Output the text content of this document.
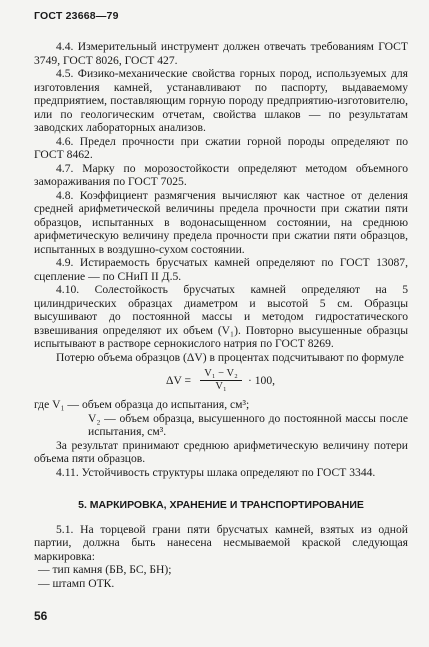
ГОСТ 23668—79

4.4. Измерительный инструмент должен отвечать требованиям ГОСТ 3749, ГОСТ 8026, ГОСТ 427.

4.5. Физико-механические свойства горных пород, используемых для изготовления камней, устанавливают по паспорту, выдаваемому предприятием, поставляющим горную породу предприятию-изготовителю, или по геологическим отчетам, свойства шлаков — по результатам заводских лабораторных анализов.

4.6. Предел прочности при сжатии горной породы определяют по ГОСТ 8462.

4.7. Марку по морозостойкости определяют методом объемного замораживания по ГОСТ 7025.

4.8. Коэффициент размягчения вычисляют как частное от деления средней арифметической величины предела прочности при сжатии пяти образцов, испытанных в водонасыщенном состоянии, на среднюю арифметическую величину предела прочности при сжатии пяти образцов, испытанных в воздушно-сухом состоянии.

4.9. Истираемость брусчатых камней определяют по ГОСТ 13087, сцепление — по СНиП II Д.5.

4.10. Солестойкость брусчатых камней определяют на 5 цилиндрических образцах диаметром и высотой 5 см. Образцы высушивают до постоянной массы и методом гидростатического взвешивания определяют их объем (V₁). Повторно высушенные образцы испытывают в растворе сернокислого натрия по ГОСТ 8269.

Потерю объема образцов (ΔV) в процентах подсчитывают по формуле

$\Delta V = \frac{\text{V₁ − V₂}}{\text{V₁}} \cdot 100$,
где V₁ — объем образца до испытания, см³;
V₂ — объем образца, высушенного до постоянной массы после испытания, см³.

За результат принимают среднюю арифметическую величину потери объема пяти образцов.

4.11. Устойчивость структуры шлака определяют по ГОСТ 3344.

5. МАРКИРОВКА, ХРАНЕНИЕ И ТРАНСПОРТИРОВАНИЕ

5.1. На торцевой грани пяти брусчатых камней, взятых из одной партии, должна быть нанесена несмываемой краской следующая маркировка:

— тип камня (БВ, БС, БН);
— штамп ОТК.
56
